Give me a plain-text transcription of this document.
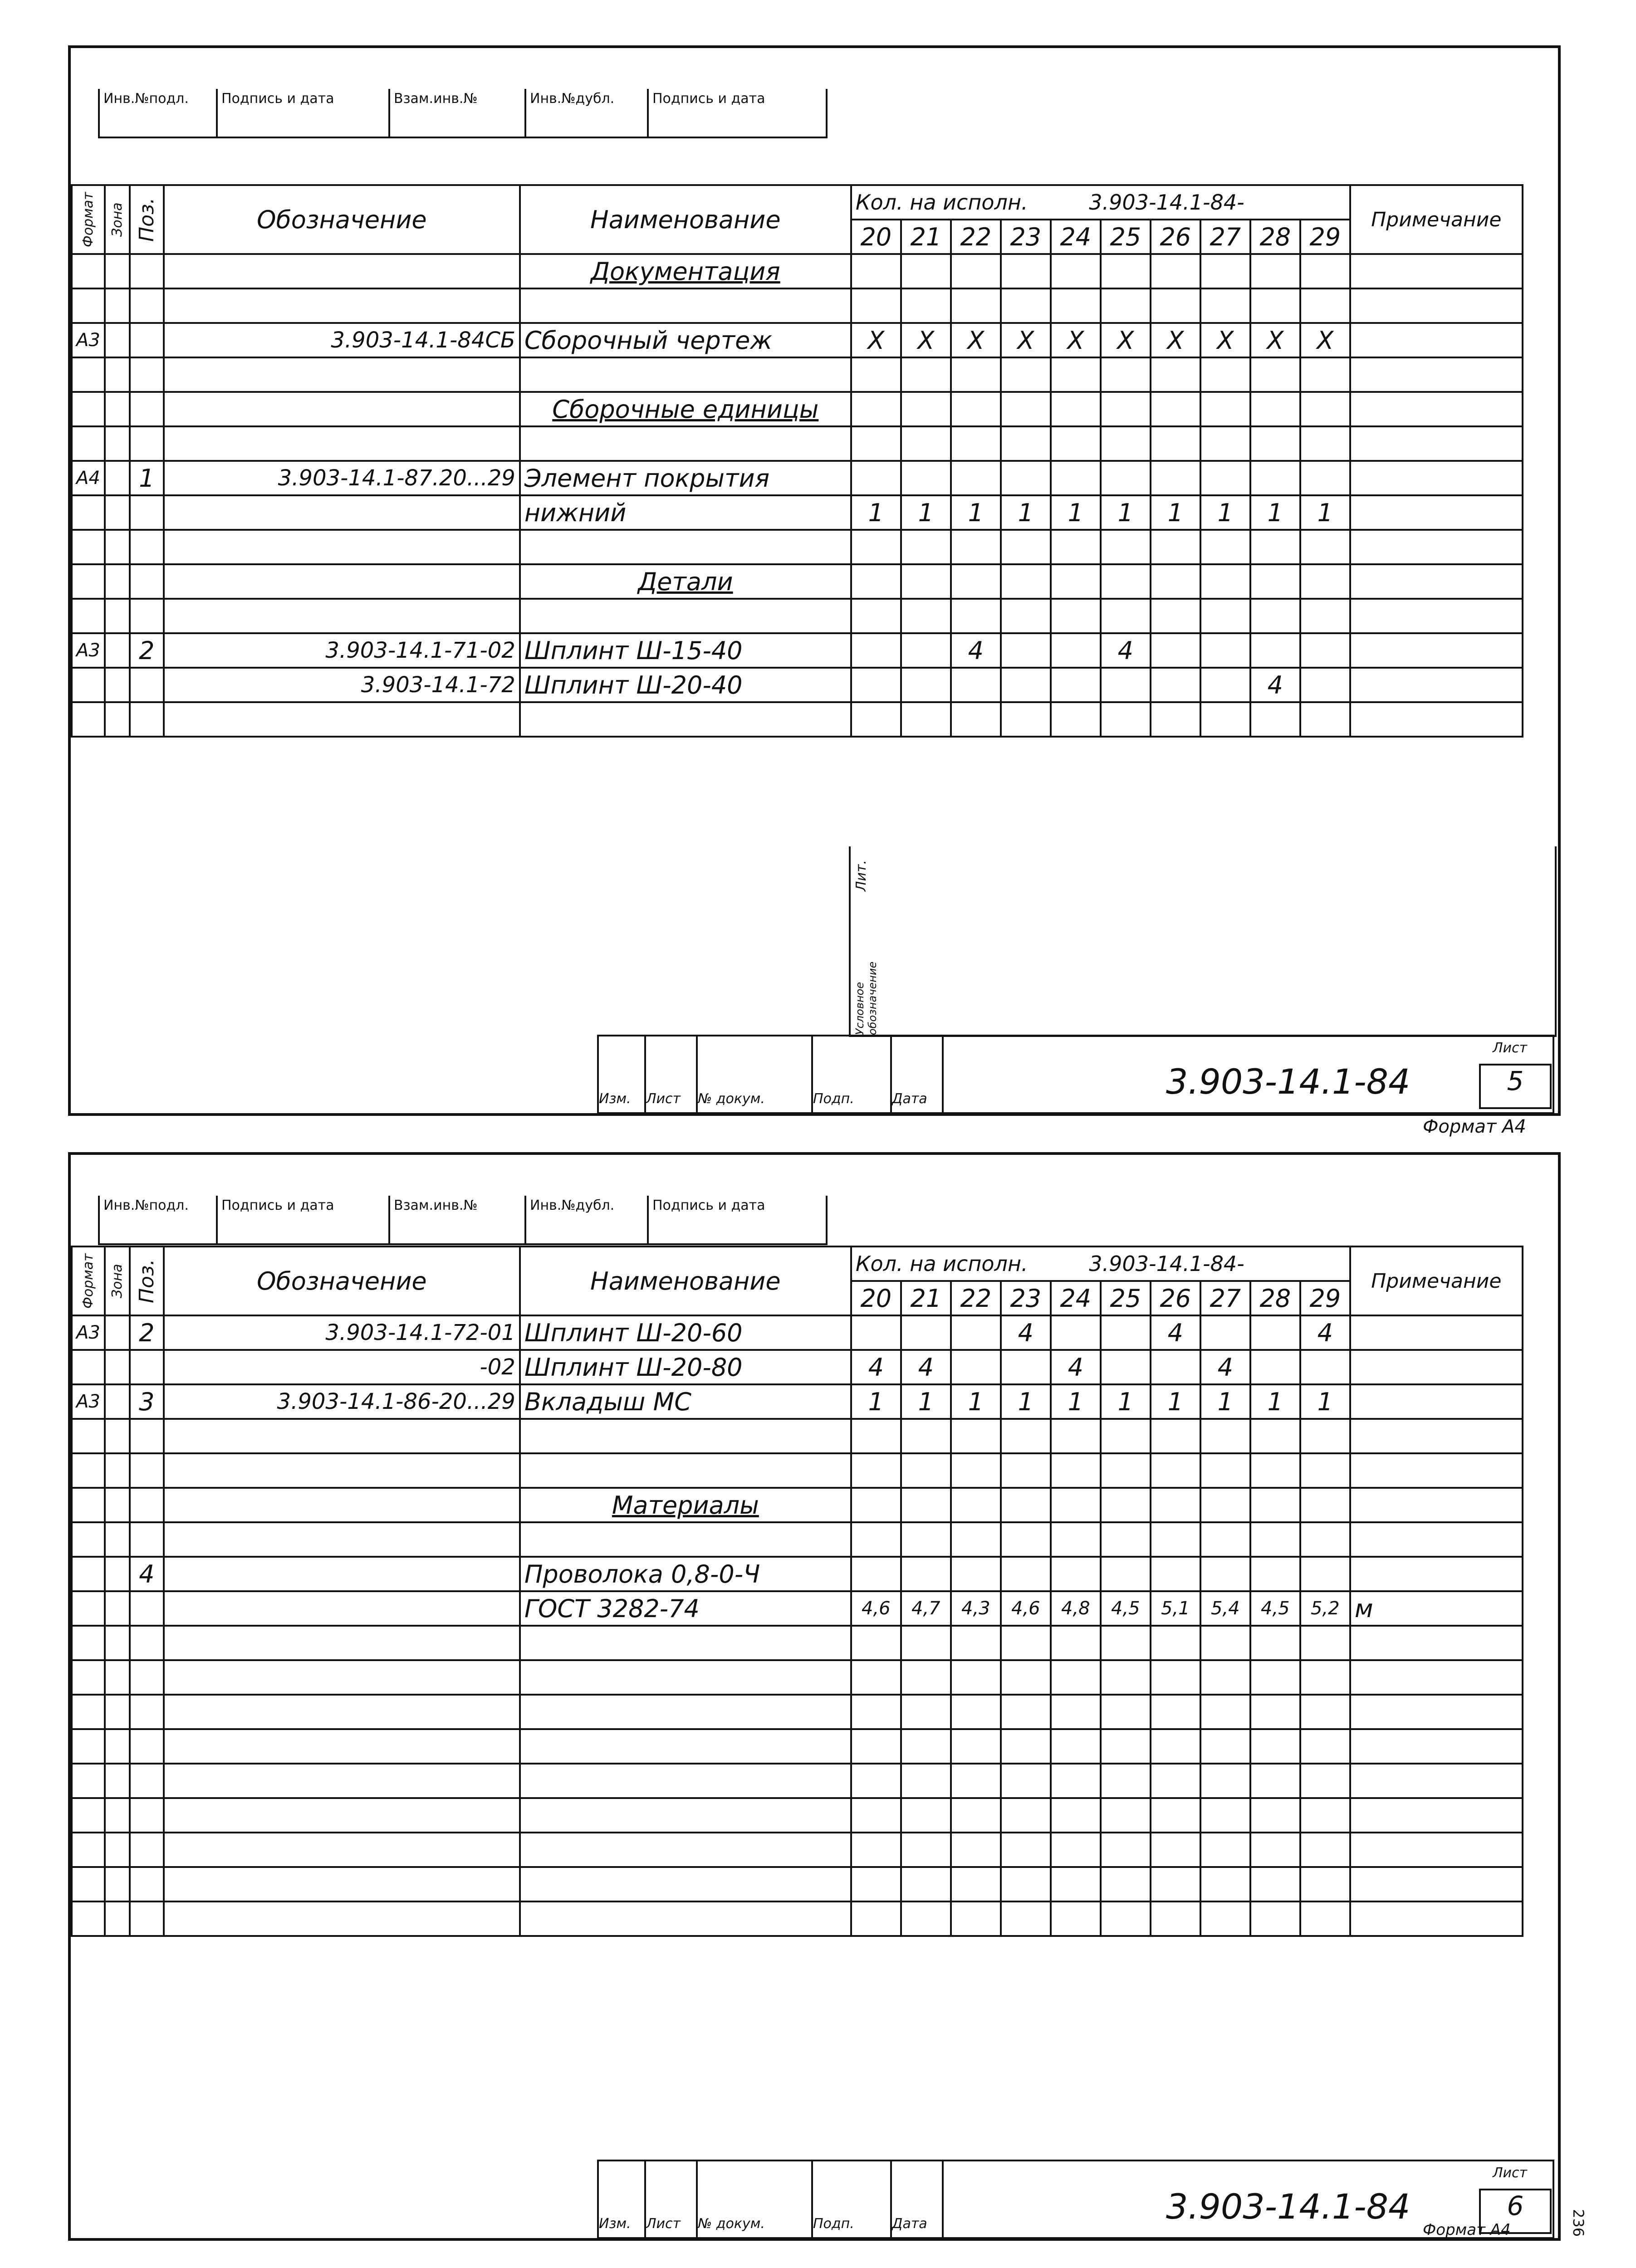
Инв.№подл.	Подпись и дата	Взам.инв.№	Инв.№дубл.	Подпись и дата
Формат	Зона	Поз.	Обозначение	Наименование	Кол. на исполн. 3.903-14.1-84-										Примечание
					20	21	22	23	24	25	26	27	28	29	
				Документация											

А3			3.903-14.1-84СБ	Сборочный чертеж	Х	Х	Х	Х	Х	Х	Х	Х	Х	Х	

				Сборочные единицы											

А4		1	3.903-14.1-87.20...29	Элемент покрытия											
				нижний	1	1	1	1	1	1	1	1	1	1	

				Детали											

А3		2	3.903-14.1-71-02	Шплинт Ш-15-40			4			4					
			3.903-14.1-72	Шплинт Ш-20-40									4		

Лит.
Условное обозначение
Изм.	Лист	№ докум.	Подп.	Дата	3.903-14.1-84
Лист
5
Формат А4
Инв.№подл.	Подпись и дата	Взам.инв.№	Инв.№дубл.	Подпись и дата
Формат	Зона	Поз.	Обозначение	Наименование	Кол. на исполн. 3.903-14.1-84-										Примечание
					20	21	22	23	24	25	26	27	28	29	
А3		2	3.903-14.1-72-01	Шплинт Ш-20-60				4			4			4	
			-02	Шплинт Ш-20-80	4	4			4			4			
А3		3	3.903-14.1-86-20...29	Вкладыш МС	1	1	1	1	1	1	1	1	1	1	

				Материалы											

		4		Проволока 0,8-0-Ч											
				ГОСТ 3282-74	4,6	4,7	4,3	4,6	4,8	4,5	5,1	5,4	4,5	5,2	м

Изм.	Лист	№ докум.	Подп.	Дата	3.903-14.1-84
Лист
6
Формат А4	236
